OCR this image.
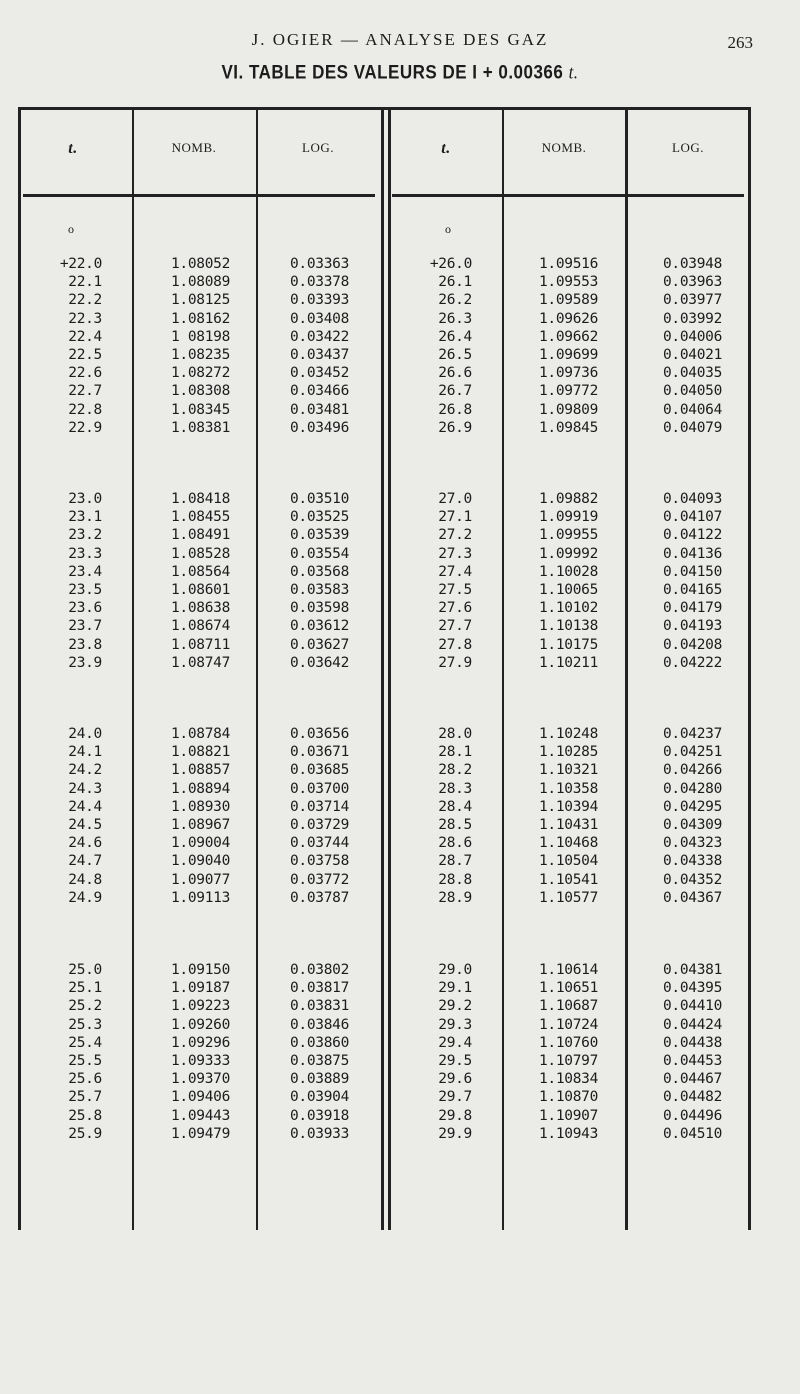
J. OGIER — ANALYSE DES GAZ	263
VI. TABLE DES VALEURS DE I + 0.00366 t.
t.	NOMB.	LOG.	t.	NOMB.	LOG.
o	o
+22.0	1.08052	0.03363	+26.0	1.09516	0.03948
22.1	1.08089	0.03378	26.1	1.09553	0.03963
22.2	1.08125	0.03393	26.2	1.09589	0.03977
22.3	1.08162	0.03408	26.3	1.09626	0.03992
22.4	1 08198	0.03422	26.4	1.09662	0.04006
22.5	1.08235	0.03437	26.5	1.09699	0.04021
22.6	1.08272	0.03452	26.6	1.09736	0.04035
22.7	1.08308	0.03466	26.7	1.09772	0.04050
22.8	1.08345	0.03481	26.8	1.09809	0.04064
22.9	1.08381	0.03496	26.9	1.09845	0.04079
23.0	1.08418	0.03510	27.0	1.09882	0.04093
23.1	1.08455	0.03525	27.1	1.09919	0.04107
23.2	1.08491	0.03539	27.2	1.09955	0.04122
23.3	1.08528	0.03554	27.3	1.09992	0.04136
23.4	1.08564	0.03568	27.4	1.10028	0.04150
23.5	1.08601	0.03583	27.5	1.10065	0.04165
23.6	1.08638	0.03598	27.6	1.10102	0.04179
23.7	1.08674	0.03612	27.7	1.10138	0.04193
23.8	1.08711	0.03627	27.8	1.10175	0.04208
23.9	1.08747	0.03642	27.9	1.10211	0.04222
24.0	1.08784	0.03656	28.0	1.10248	0.04237
24.1	1.08821	0.03671	28.1	1.10285	0.04251
24.2	1.08857	0.03685	28.2	1.10321	0.04266
24.3	1.08894	0.03700	28.3	1.10358	0.04280
24.4	1.08930	0.03714	28.4	1.10394	0.04295
24.5	1.08967	0.03729	28.5	1.10431	0.04309
24.6	1.09004	0.03744	28.6	1.10468	0.04323
24.7	1.09040	0.03758	28.7	1.10504	0.04338
24.8	1.09077	0.03772	28.8	1.10541	0.04352
24.9	1.09113	0.03787	28.9	1.10577	0.04367
25.0	1.09150	0.03802	29.0	1.10614	0.04381
25.1	1.09187	0.03817	29.1	1.10651	0.04395
25.2	1.09223	0.03831	29.2	1.10687	0.04410
25.3	1.09260	0.03846	29.3	1.10724	0.04424
25.4	1.09296	0.03860	29.4	1.10760	0.04438
25.5	1.09333	0.03875	29.5	1.10797	0.04453
25.6	1.09370	0.03889	29.6	1.10834	0.04467
25.7	1.09406	0.03904	29.7	1.10870	0.04482
25.8	1.09443	0.03918	29.8	1.10907	0.04496
25.9	1.09479	0.03933	29.9	1.10943	0.04510
